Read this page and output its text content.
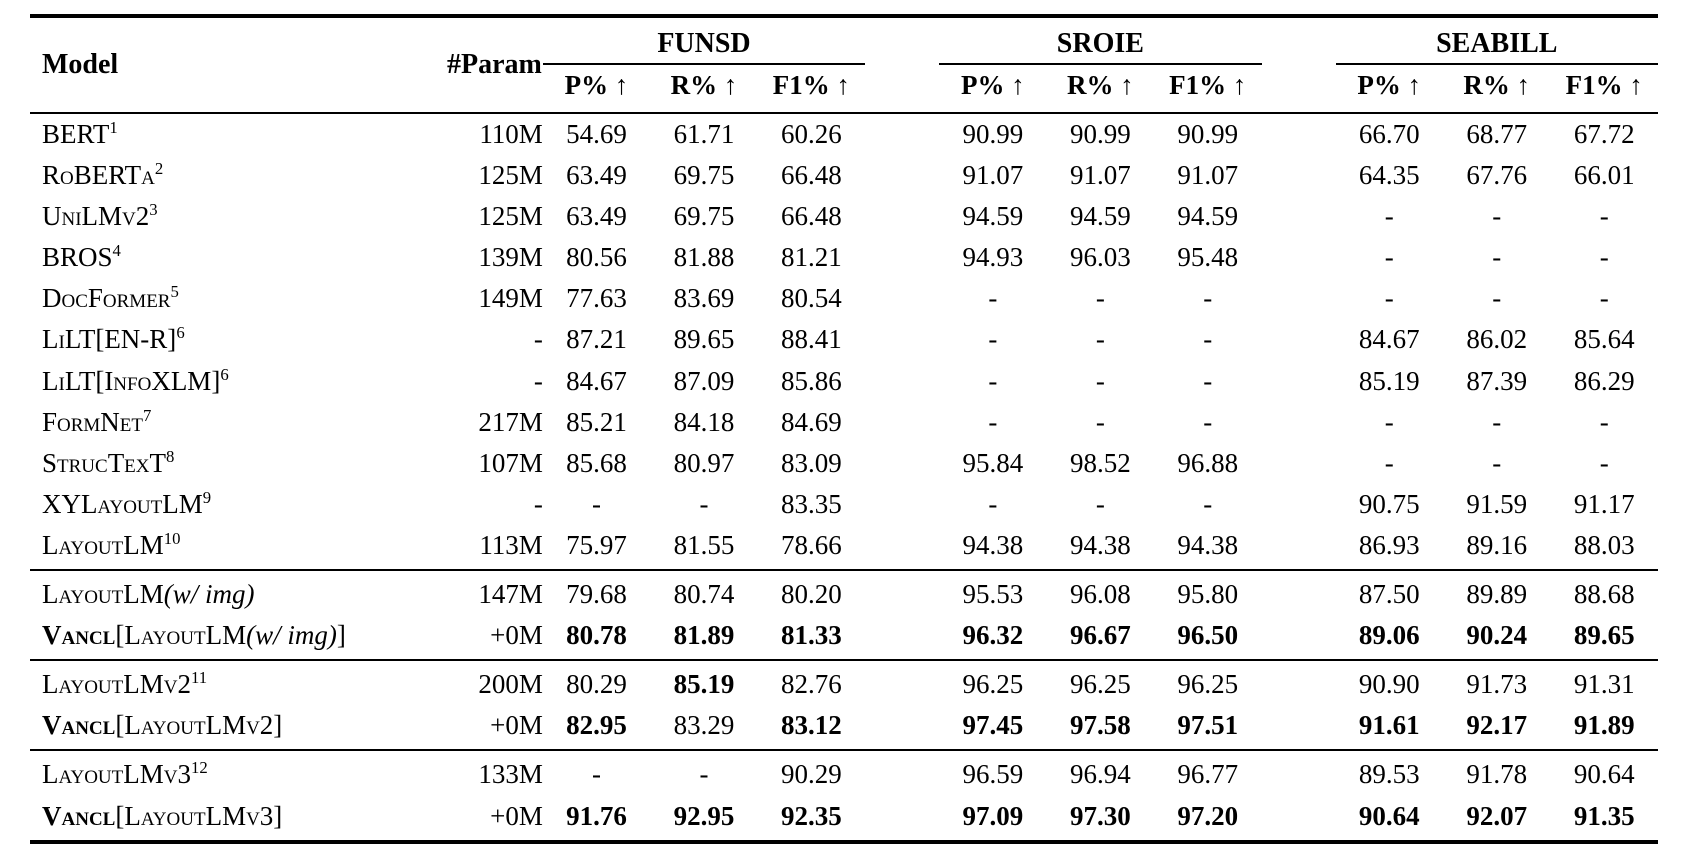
Model	#Param	FUNSD				SROIE				SEABILL		
		P% ↑	R% ↑	F1% ↑		P% ↑	R% ↑	F1% ↑		P% ↑	R% ↑	F1% ↑
BERT$^1$	110M	54.69	61.71	60.26		90.99	90.99	90.99		66.70	68.77	67.72
RoBERTa$^2$	125M	63.49	69.75	66.48		91.07	91.07	91.07		64.35	67.76	66.01
$UniLMv2^3$	125M	63.49	69.75	66.48		94.59	94.59	94.59		-	-	-
BROS$^4$	139M	80.56	81.88	81.21		94.93	96.03	95.48		-	-	-
DocFormer$^5$	149M	77.63	83.69	80.54		-	-	-		-	-	-
$LiLT[EN-R]^6$	-	87.21	89.65	88.41		-	-	-		84.67	86.02	85.64
LiLT[InfoXLM]$^6$	-	84.67	87.09	85.86		-	-	-		85.19	87.39	86.29
FormNet$^7$	217M	85.21	84.18	84.69		-	-	-		-	-	-
StrucTexT$^8$	107M	85.68	80.97	83.09		95.84	98.52	96.88		-	-	-
XYLayoutLM$^9$	-	-	-	83.35		-	-	-		90.75	91.59	91.17
LayoutLM$^{10}$	113M	75.97	81.55	78.66		94.38	94.38	94.38		86.93	89.16	88.03
LayoutLM(w/ img)	147M	79.68	80.74	80.20		95.53	96.08	95.80		87.50	89.89	88.68
Vancl[LayoutLM(w/ img)]	+0M	80.78	81.89	81.33		96.32	96.67	96.50		89.06	90.24	89.65
$LayoutLMv2^{11}$	200M	80.29	85.19	82.76		96.25	96.25	96.25		90.90	91.73	91.31
Vancl[LayoutLMv2]	+0M	82.95	83.29	83.12		97.45	97.58	97.51		91.61	92.17	91.89
$LayoutLMv3^{12}$	133M	-	-	90.29		96.59	96.94	96.77		89.53	91.78	90.64
Vancl[LayoutLMv3]	+0M	91.76	92.95	92.35		97.09	97.30	97.20		90.64	92.07	91.35
